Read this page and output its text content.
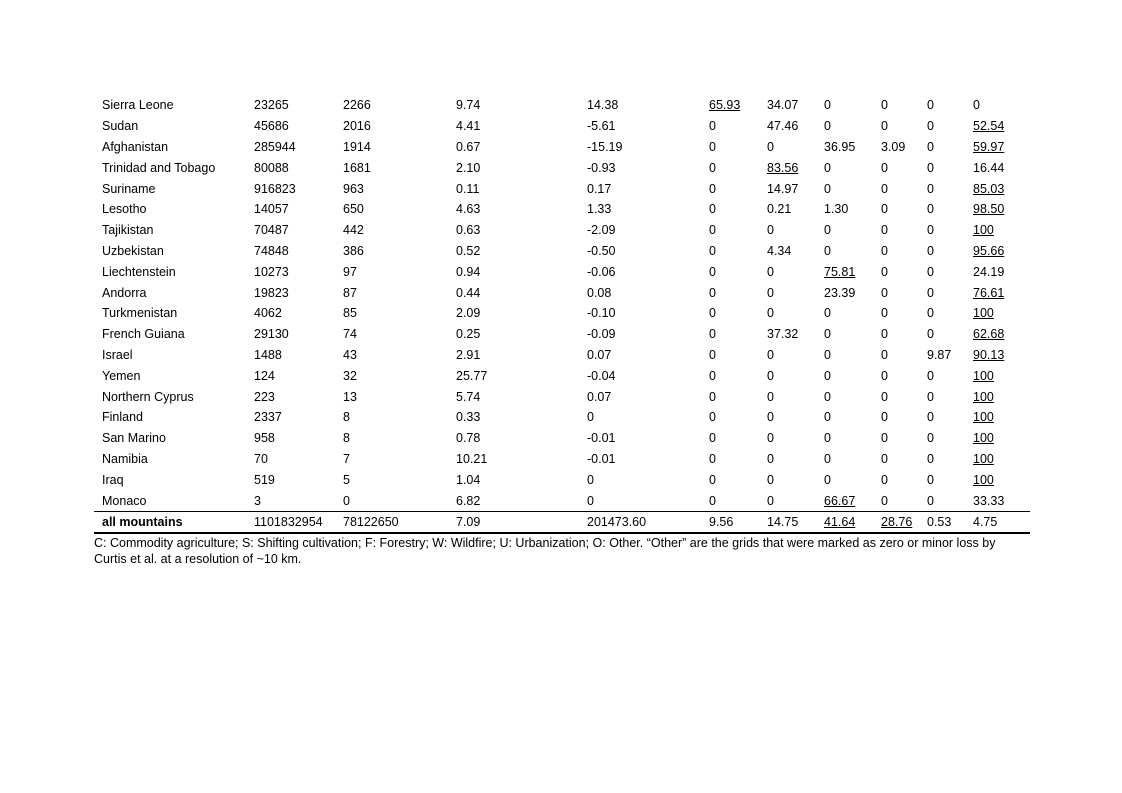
Sierra Leone	23265	2266	9.74	14.38	65.93	34.07	0	0	0	0
Sudan	45686	2016	4.41	-5.61	0	47.46	0	0	0	52.54
Afghanistan	285944	1914	0.67	-15.19	0	0	36.95	3.09	0	59.97
Trinidad and Tobago	80088	1681	2.10	-0.93	0	83.56	0	0	0	16.44
Suriname	916823	963	0.11	0.17	0	14.97	0	0	0	85.03
Lesotho	14057	650	4.63	1.33	0	0.21	1.30	0	0	98.50
Tajikistan	70487	442	0.63	-2.09	0	0	0	0	0	100
Uzbekistan	74848	386	0.52	-0.50	0	4.34	0	0	0	95.66
Liechtenstein	10273	97	0.94	-0.06	0	0	75.81	0	0	24.19
Andorra	19823	87	0.44	0.08	0	0	23.39	0	0	76.61
Turkmenistan	4062	85	2.09	-0.10	0	0	0	0	0	100
French Guiana	29130	74	0.25	-0.09	0	37.32	0	0	0	62.68
Israel	1488	43	2.91	0.07	0	0	0	0	9.87	90.13
Yemen	124	32	25.77	-0.04	0	0	0	0	0	100
Northern Cyprus	223	13	5.74	0.07	0	0	0	0	0	100
Finland	2337	8	0.33	0	0	0	0	0	0	100
San Marino	958	8	0.78	-0.01	0	0	0	0	0	100
Namibia	70	7	10.21	-0.01	0	0	0	0	0	100
Iraq	519	5	1.04	0	0	0	0	0	0	100
Monaco	3	0	6.82	0	0	0	66.67	0	0	33.33
all mountains	1101832954	78122650	7.09	201473.60	9.56	14.75	41.64	28.76	0.53	4.75
C: Commodity agriculture; S: Shifting cultivation; F: Forestry; W: Wildfire; U: Urbanization; O: Other. “Other” are the grids that were marked as zero or minor loss by Curtis et al. at a resolution of ~10 km.
